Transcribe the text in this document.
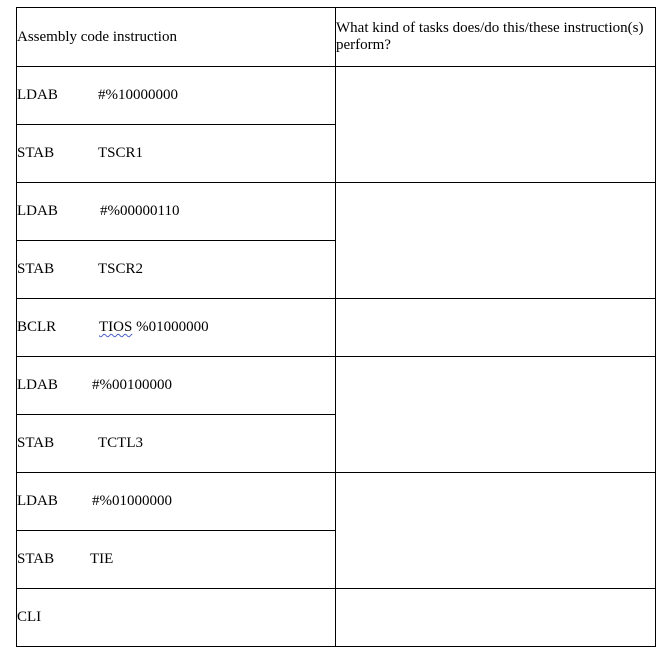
Assembly code instruction	What kind of tasks does/do this/these instruction(s) perform?
LDAB #%10000000	
STAB TSCR1	
LDAB #%00000110	
STAB TSCR2	
BCLR TIOS %01000000	
LDAB #%00100000	
STAB TCTL3	
LDAB #%01000000	
STAB TIE	
CLI	
